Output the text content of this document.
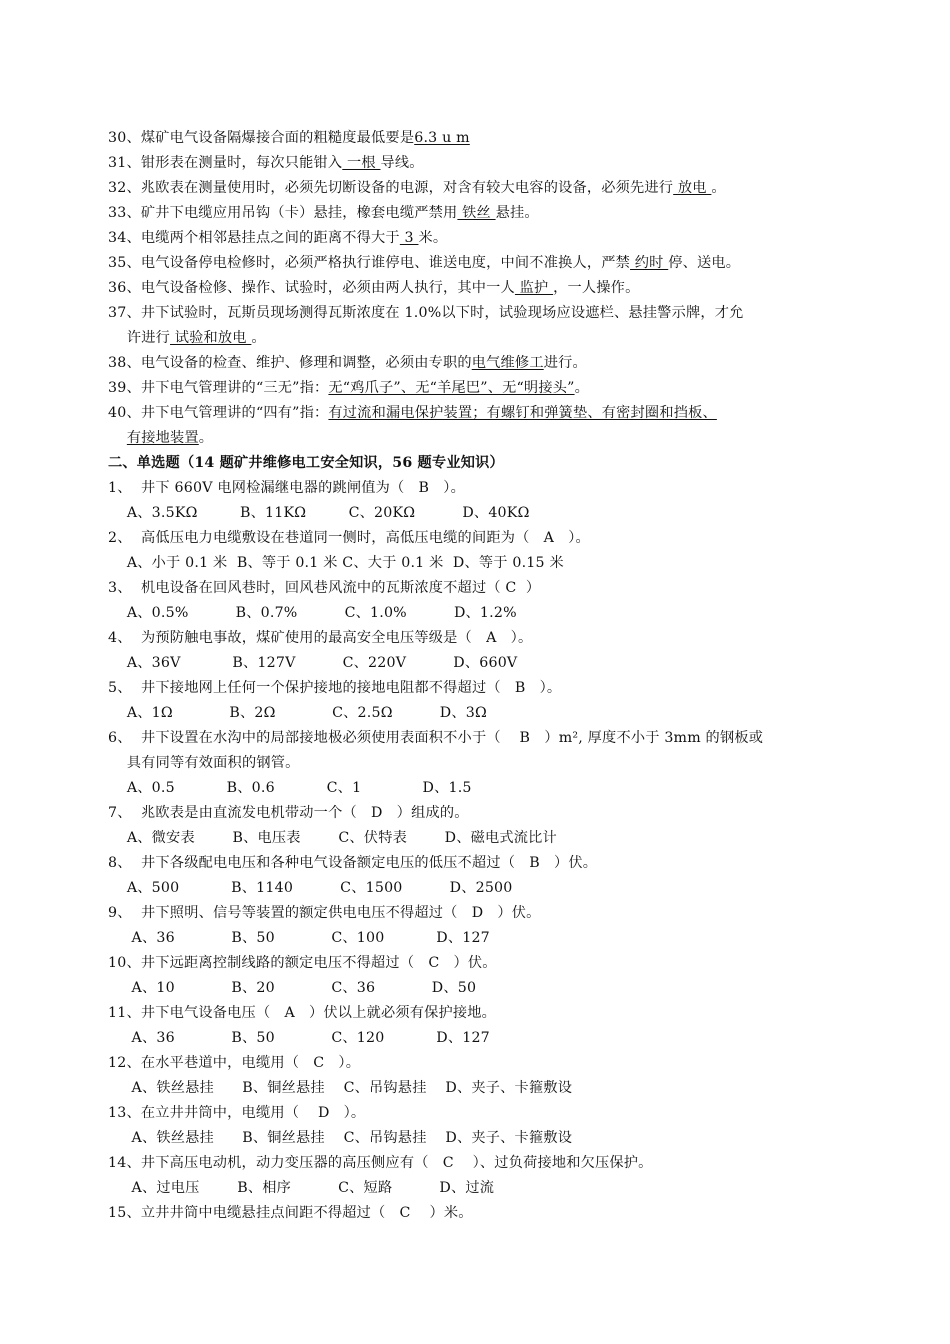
30、煤矿电气设备隔爆接合面的粗糙度最低要是6.3 u m
31、钳形表在测量时，每次只能钳入 一根 导线。
32、兆欧表在测量使用时，必须先切断设备的电源，对含有较大电容的设备，必须先进行 放电 。
33、矿井下电缆应用吊钩（卡）悬挂，橡套电缆严禁用 铁丝 悬挂。
34、电缆两个相邻悬挂点之间的距离不得大于 3 米。
35、电气设备停电检修时，必须严格执行谁停电、谁送电度，中间不准换人，严禁 约时 停、送电。
36、电气设备检修、操作、试验时，必须由两人执行，其中一人 监护 ，一人操作。
37、井下试验时，瓦斯员现场测得瓦斯浓度在 1.0%以下时，试验现场应设遮栏、悬挂警示牌，才允
许进行 试验和放电 。
38、电气设备的检查、维护、修理和调整，必须由专职的电气维修工进行。
39、井下电气管理讲的“三无”指：无“鸡爪子”、无“羊尾巴”、无“明接头”。
40、井下电气管理讲的“四有”指：有过流和漏电保护装置；有螺钉和弹簧垫、有密封圈和挡板、
有接地装置。
二、单选题（14 题矿井维修电工安全知识，56 题专业知识）
1、  井下 660V 电网检漏继电器的跳闸值为（   B   ）。
A、3.5KΩ         B、11KΩ         C、20KΩ          D、40KΩ
2、  高低压电力电缆敷设在巷道同一侧时，高低压电缆的间距为（   A   ）。
A、小于 0.1 米  B、等于 0.1 米 C、大于 0.1 米  D、等于 0.15 米
3、  机电设备在回风巷时，回风巷风流中的瓦斯浓度不超过（ C  ）
A、0.5%          B、0.7%          C、1.0%          D、1.2%
4、  为预防触电事故，煤矿使用的最高安全电压等级是（   A   ）。
A、36V           B、127V          C、220V          D、660V
5、  井下接地网上任何一个保护接地的接地电阻都不得超过（   B   ）。
A、1Ω            B、2Ω            C、2.5Ω          D、3Ω
6、  井下设置在水沟中的局部接地极必须使用表面积不小于（    B   ）m², 厚度不小于 3mm 的钢板或
具有同等有效面积的钢管。
A、0.5           B、0.6           C、1             D、1.5
7、  兆欧表是由直流发电机带动一个（   D   ）组成的。
A、微安表        B、电压表        C、伏特表        D、磁电式流比计
8、  井下各级配电电压和各种电气设备额定电压的低压不超过（   B   ）伏。
A、500           B、1140          C、1500          D、2500
9、  井下照明、信号等装置的额定供电电压不得超过（   D   ）伏。
A、36            B、50            C、100           D、127
10、井下远距离控制线路的额定电压不得超过（   C   ）伏。
A、10            B、20            C、36            D、50
11、井下电气设备电压（   A   ）伏以上就必须有保护接地。
A、36            B、50            C、120           D、127
12、在水平巷道中，电缆用（   C   ）。
A、铁丝悬挂      B、铜丝悬挂    C、吊钩悬挂    D、夹子、卡箍敷设
13、在立井井筒中，电缆用（    D   ）。
A、铁丝悬挂      B、铜丝悬挂    C、吊钩悬挂    D、夹子、卡箍敷设
14、井下高压电动机，动力变压器的高压侧应有（   C    ）、过负荷接地和欠压保护。
A、过电压        B、相序          C、短路          D、过流
15、立井井筒中电缆悬挂点间距不得超过（   C    ）米。
